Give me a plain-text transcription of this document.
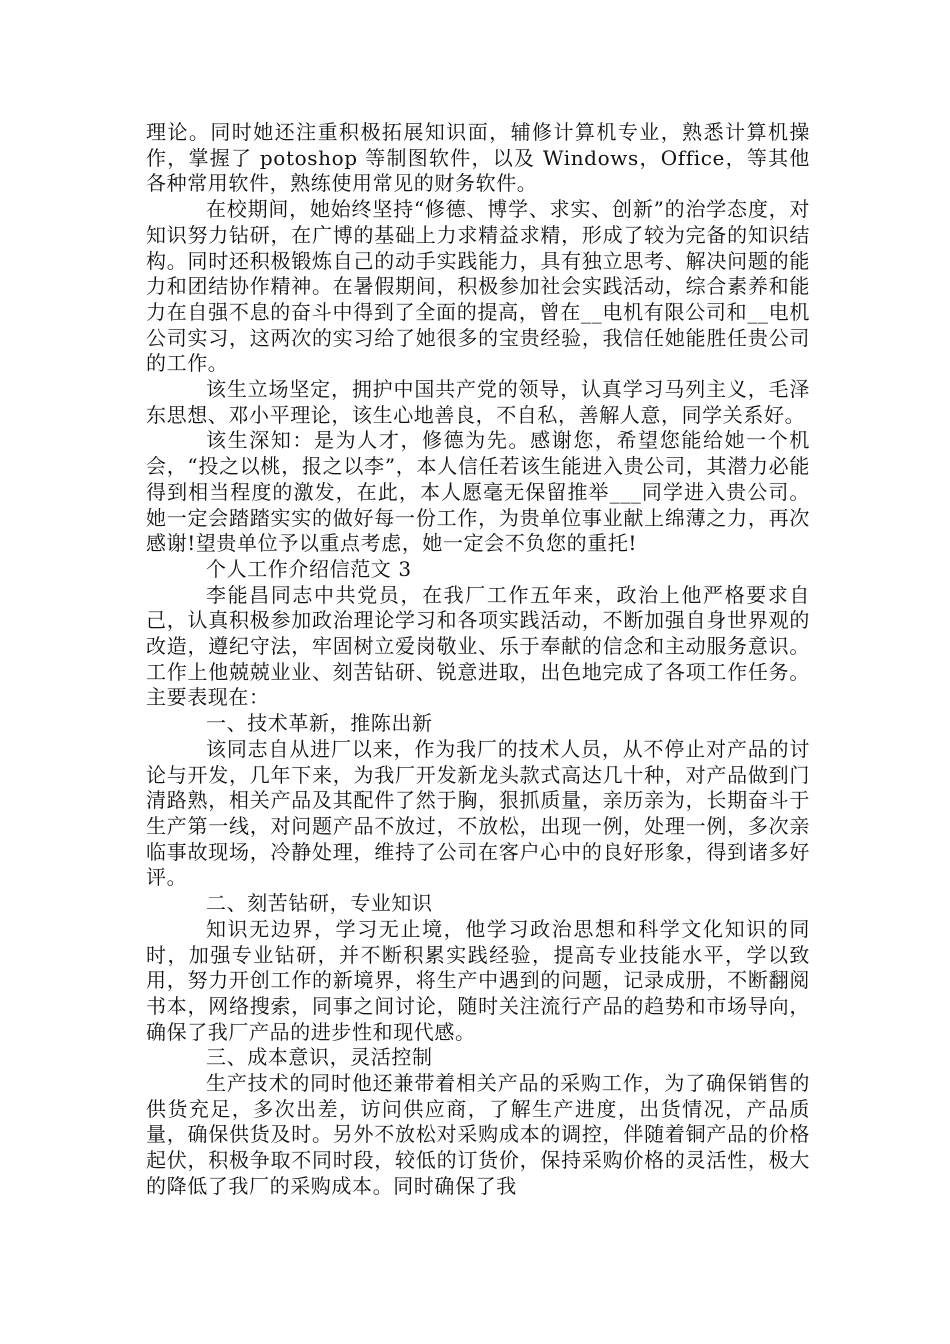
理论。同时她还注重积极拓展知识面，辅修计算机专业，熟悉计算机操作，掌握了 potoshop 等制图软件，以及 Windows，Office，等其他各种常用软件，熟练使用常见的财务软件。

在校期间，她始终坚持“修德、博学、求实、创新”的治学态度，对知识努力钻研，在广博的基础上力求精益求精，形成了较为完备的知识结构。同时还积极锻炼自己的动手实践能力，具有独立思考、解决问题的能力和团结协作精神。在暑假期间，积极参加社会实践活动，综合素养和能力在自强不息的奋斗中得到了全面的提高，曾在__电机有限公司和__电机公司实习，这两次的实习给了她很多的宝贵经验，我信任她能胜任贵公司的工作。

该生立场坚定，拥护中国共产党的领导，认真学习马列主义，毛泽东思想、邓小平理论，该生心地善良，不自私，善解人意，同学关系好。

该生深知：是为人才，修德为先。感谢您，希望您能给她一个机会，“投之以桃，报之以李”，本人信任若该生能进入贵公司，其潜力必能得到相当程度的激发，在此，本人愿毫无保留推举___同学进入贵公司。她一定会踏踏实实的做好每一份工作，为贵单位事业献上绵薄之力，再次感谢!望贵单位予以重点考虑，她一定会不负您的重托!

个人工作介绍信范文 3

李能昌同志中共党员，在我厂工作五年来，政治上他严格要求自己，认真积极参加政治理论学习和各项实践活动，不断加强自身世界观的改造，遵纪守法，牢固树立爱岗敬业、乐于奉献的信念和主动服务意识。工作上他兢兢业业、刻苦钻研、锐意进取，出色地完成了各项工作任务。主要表现在：

一、技术革新，推陈出新

该同志自从进厂以来，作为我厂的技术人员，从不停止对产品的讨论与开发，几年下来，为我厂开发新龙头款式高达几十种，对产品做到门清路熟，相关产品及其配件了然于胸，狠抓质量，亲历亲为，长期奋斗于生产第一线，对问题产品不放过，不放松，出现一例，处理一例，多次亲临事故现场，冷静处理，维持了公司在客户心中的良好形象，得到诸多好评。

二、刻苦钻研，专业知识

知识无边界，学习无止境，他学习政治思想和科学文化知识的同时，加强专业钻研，并不断积累实践经验，提高专业技能水平，学以致用，努力开创工作的新境界，将生产中遇到的问题，记录成册，不断翻阅书本，网络搜索，同事之间讨论，随时关注流行产品的趋势和市场导向，确保了我厂产品的进步性和现代感。

三、成本意识，灵活控制

生产技术的同时他还兼带着相关产品的采购工作，为了确保销售的供货充足，多次出差，访问供应商，了解生产进度，出货情况，产品质量，确保供货及时。另外不放松对采购成本的调控，伴随着铜产品的价格起伏，积极争取不同时段，较低的订货价，保持采购价格的灵活性，极大的降低了我厂的采购成本。同时确保了我
